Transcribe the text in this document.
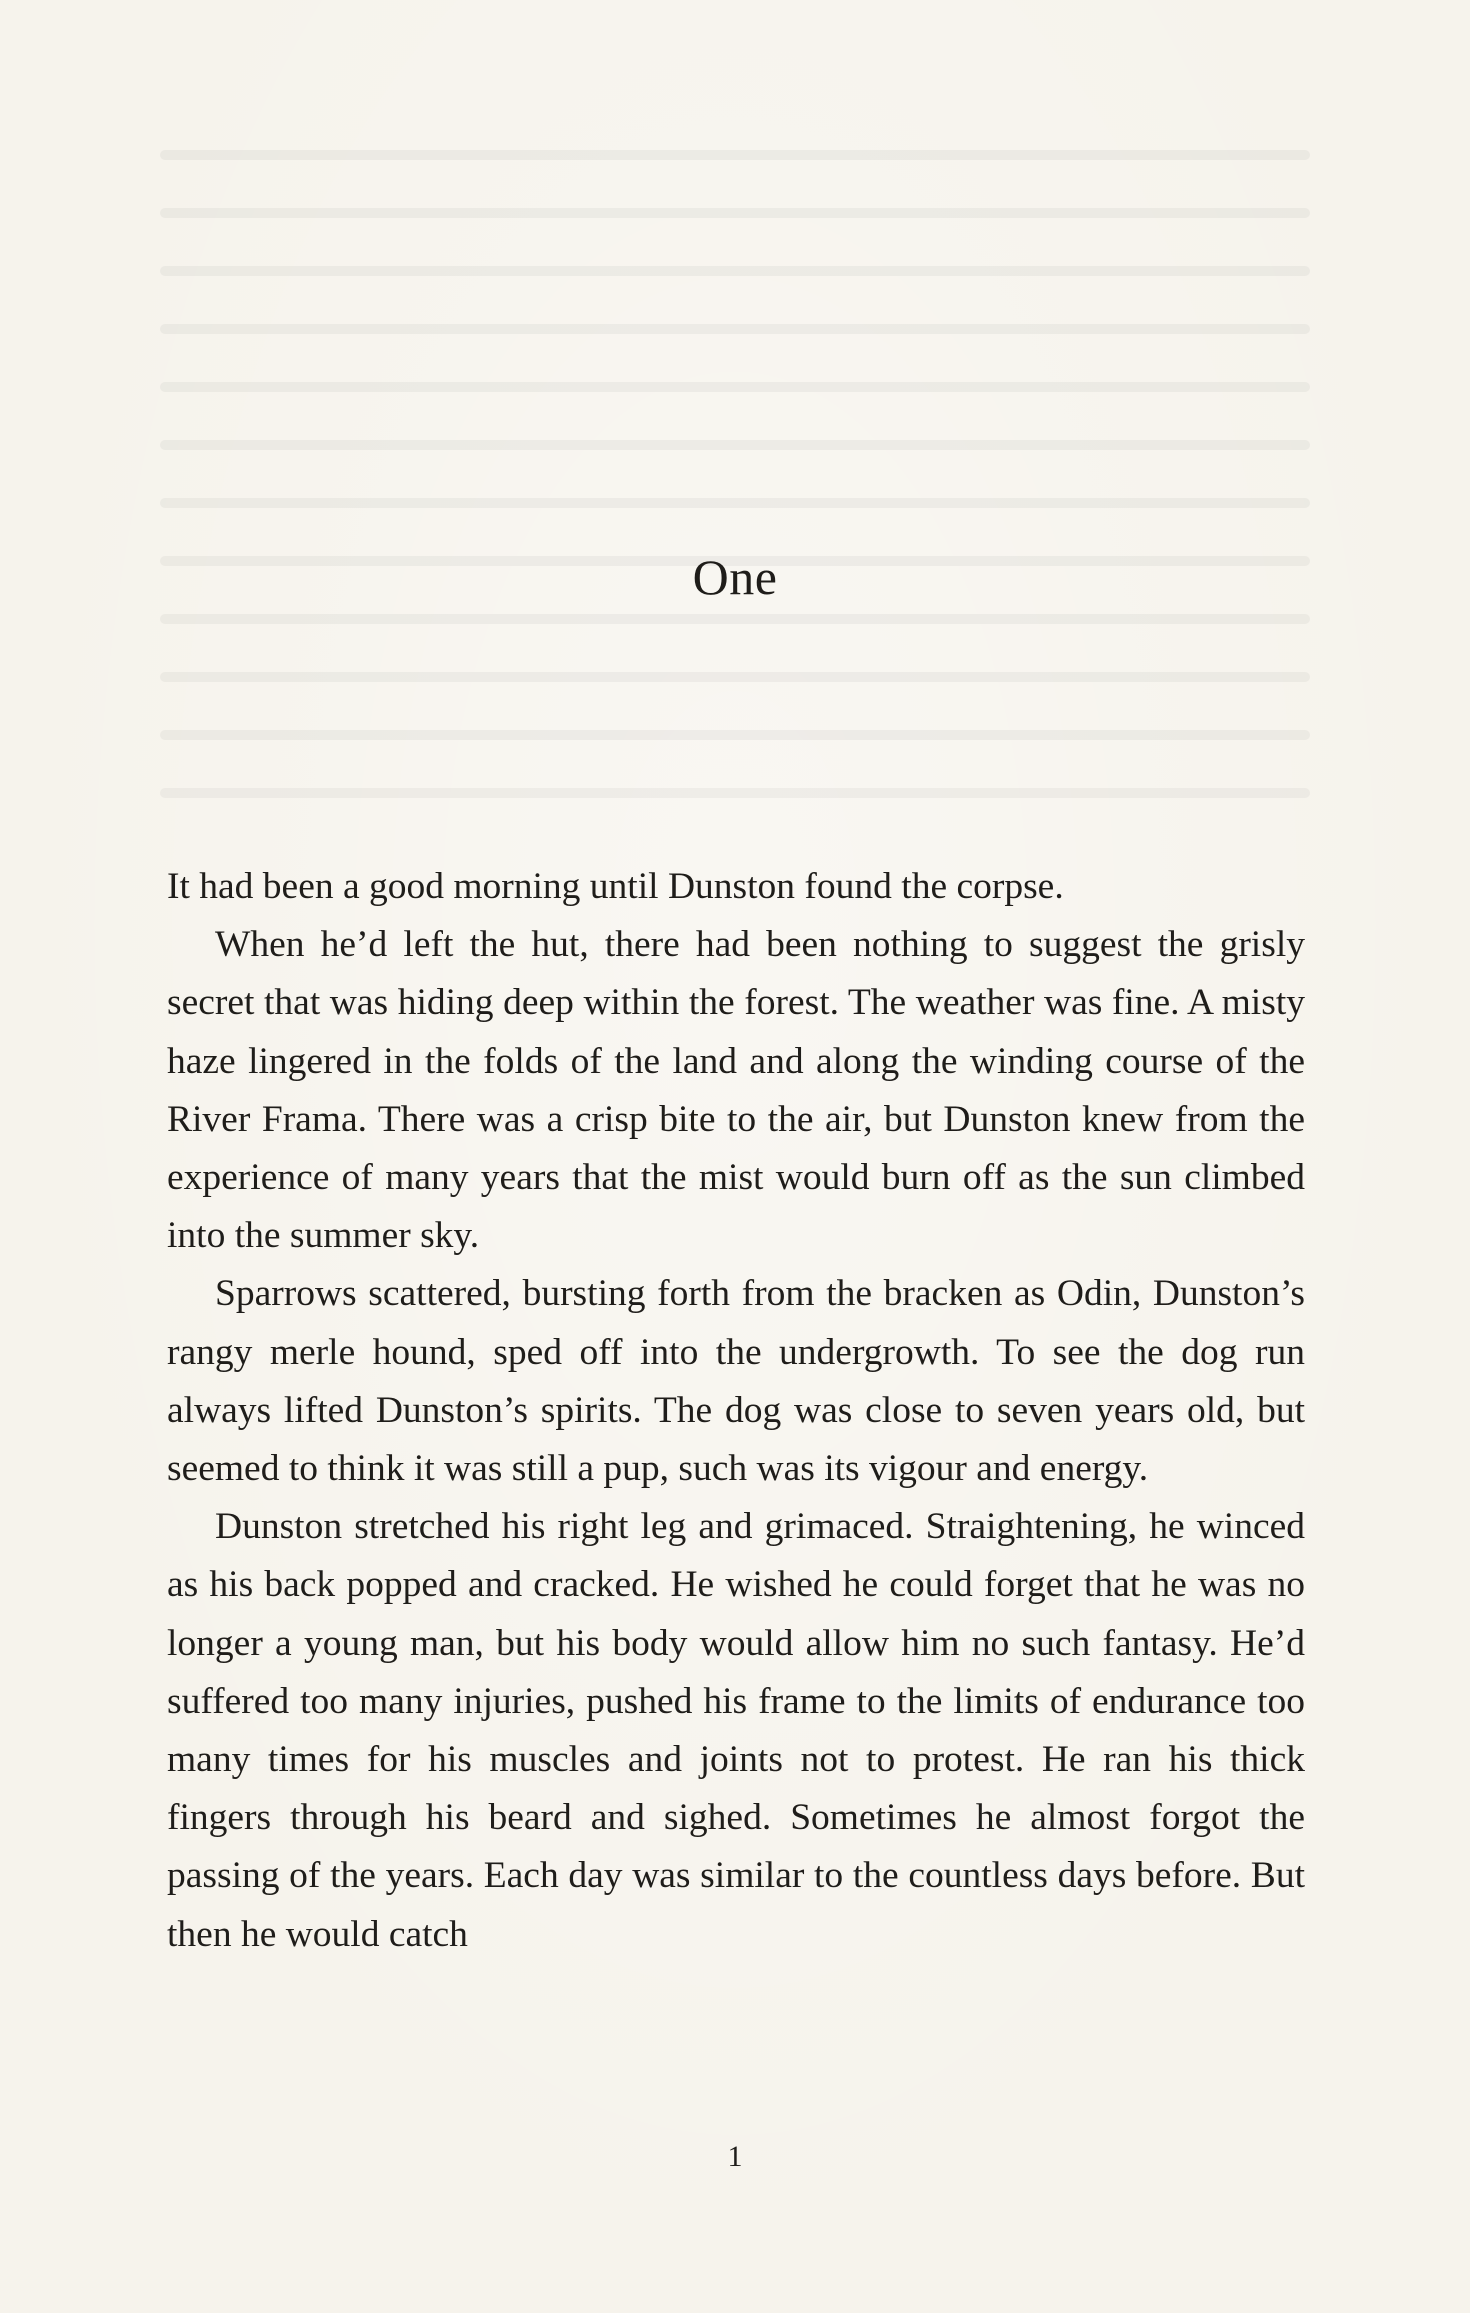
One

It had been a good morning until Dunston found the corpse.

When he’d left the hut, there had been nothing to suggest the grisly secret that was hiding deep within the forest. The weather was fine. A misty haze lingered in the folds of the land and along the winding course of the River Frama. There was a crisp bite to the air, but Dunston knew from the experience of many years that the mist would burn off as the sun climbed into the summer sky.

Sparrows scattered, bursting forth from the bracken as Odin, Dunston’s rangy merle hound, sped off into the undergrowth. To see the dog run always lifted Dunston’s spirits. The dog was close to seven years old, but seemed to think it was still a pup, such was its vigour and energy.

Dunston stretched his right leg and grimaced. Straightening, he winced as his back popped and cracked. He wished he could forget that he was no longer a young man, but his body would allow him no such fantasy. He’d suffered too many injuries, pushed his frame to the limits of endurance too many times for his muscles and joints not to protest. He ran his thick fingers through his beard and sighed. Sometimes he almost forgot the passing of the years. Each day was similar to the countless days before. But then he would catch

1
